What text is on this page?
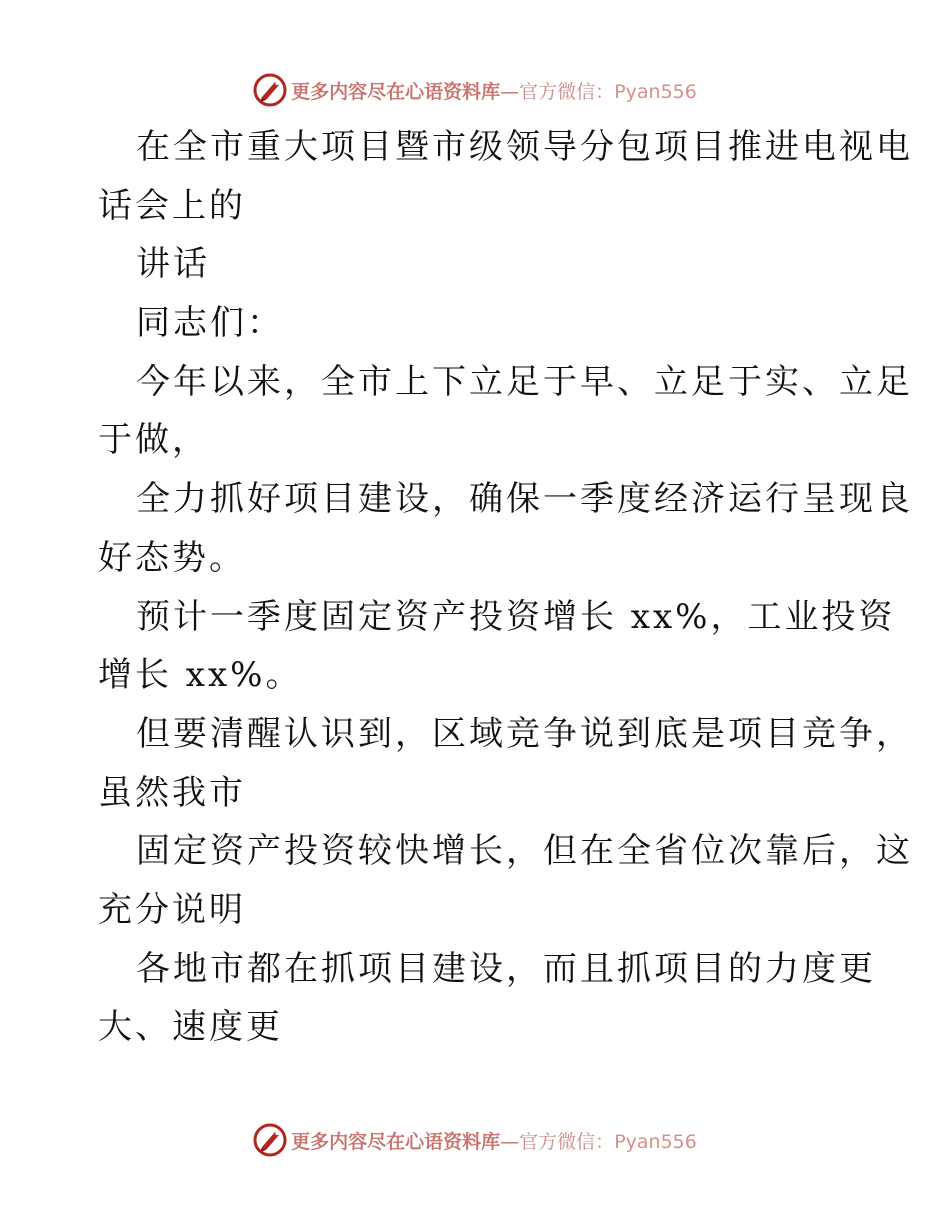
更多内容尽在心语资料库—官方微信：Pyan556
在全市重大项目暨市级领导分包项目推进电视电
话会上的
讲话
同志们：
今年以来，全市上下立足于早、立足于实、立足
于做，
全力抓好项目建设，确保一季度经济运行呈现良
好态势。
预计一季度固定资产投资增长 xx%，工业投资
增长 xx%。
但要清醒认识到，区域竞争说到底是项目竞争，
虽然我市
固定资产投资较快增长，但在全省位次靠后，这
充分说明
各地市都在抓项目建设，而且抓项目的力度更
大、速度更
更多内容尽在心语资料库—官方微信：Pyan556
